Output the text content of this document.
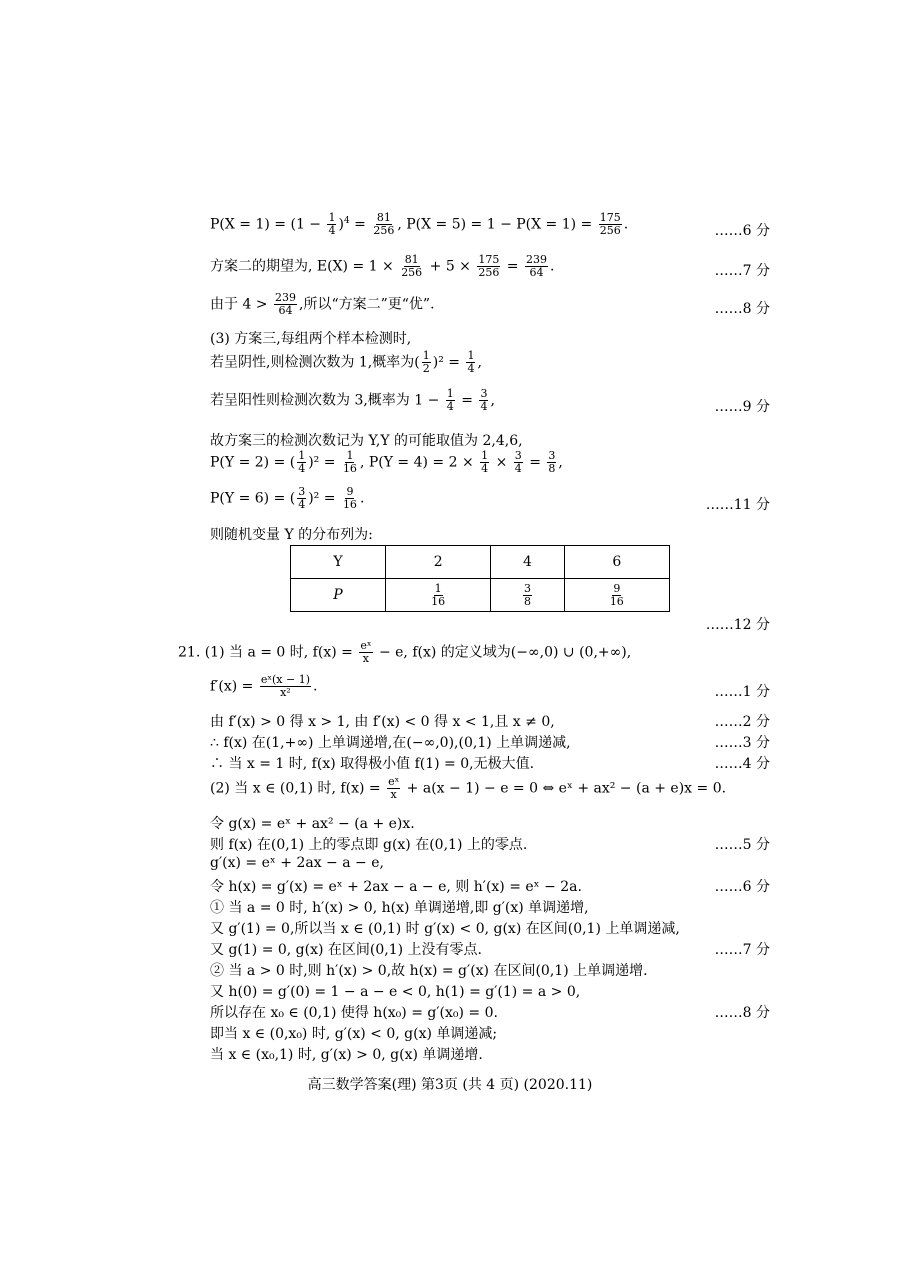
$P(X = 1) = (1 - \frac{1}{4} )^4 = \frac{81}{256}$ , $P(X = 5) = 1 - P(X = 1) = \frac{175}{256}$ .	……6 分
方案二的期望为, $E(X) = 1 \times \frac{81}{256} + 5 \times \frac{175}{256} = \frac{239}{64}$ .	……7 分
由于 $4 > \frac{239}{64}$ ,所以“方案二”更“优”.	……8 分
(3) 方案三,每组两个样本检测时,
若呈阴性,则检测次数为 1,概率为( $\frac{1}{2} )^2 = \frac{1}{4}$ ,
若呈阳性则检测次数为 3,概率为 $1 - \frac{1}{4} = \frac{3}{4}$ ,	……9 分
故方案三的检测次数记为 Y,Y 的可能取值为 2,4,6,
P(Y = 2) = ( $\frac{1}{4} )^2 = \frac{1}{16}$ , $P(Y = 4) = 2 \times \frac{1}{4} \times \frac{3}{4} = \frac{3}{8}$ ,
P(Y = 6) = ( $\frac{3}{4} )^2 = \frac{9}{16}$ .	……11 分
则随机变量 Y 的分布列为:
Y	2	4	6
P	$\frac{1}{16}$	$\frac{3}{8}$	$\frac{9}{16}$
……12 分
21. (1) 当 a = 0 时, $f(x) = \frac{\text{eˣ}}{x} - e$, f(x) 的定义域为(−∞,0) ∪ (0,+∞),
$f'(x) = \frac{\text{eˣ(x − 1)}}{\text{x²}}$ .	……1 分
由 f′(x) > 0 得 x > 1, 由 f′(x) < 0 得 x < 1,且 x ≠ 0,	……2 分
∴ f(x) 在(1,+∞) 上单调递增,在(−∞,0),(0,1) 上单调递减,	……3 分
∴ 当 x = 1 时, f(x) 取得极小值 f(1) = 0,无极大值.	……4 分
(2) 当 x ∈ (0,1) 时, $f(x) = \frac{\text{eˣ}}{x} + a(x - 1) - e = 0$ ⇔ eˣ + ax² − (a + e)x = 0.
令 g(x) = eˣ + ax² − (a + e)x.
则 f(x) 在(0,1) 上的零点即 g(x) 在(0,1) 上的零点.	……5 分
g′(x) = eˣ + 2ax − a − e,
令 h(x) = g′(x) = eˣ + 2ax − a − e, 则 h′(x) = eˣ − 2a.	……6 分
① 当 a = 0 时, h′(x) > 0, h(x) 单调递增,即 g′(x) 单调递增,
又 g′(1) = 0,所以当 x ∈ (0,1) 时 g′(x) < 0, g(x) 在区间(0,1) 上单调递减,
又 g(1) = 0, g(x) 在区间(0,1) 上没有零点.	……7 分
② 当 a > 0 时,则 h′(x) > 0,故 h(x) = g′(x) 在区间(0,1) 上单调递增.
又 h(0) = g′(0) = 1 − a − e < 0, h(1) = g′(1) = a > 0,
所以存在 x₀ ∈ (0,1) 使得 h(x₀) = g′(x₀) = 0.	……8 分
即当 x ∈ (0,x₀) 时, g′(x) < 0, g(x) 单调递减;
当 x ∈ (x₀,1) 时, g′(x) > 0, g(x) 单调递增.
高三数学答案(理) 第3页 (共 4 页) (2020.11)
